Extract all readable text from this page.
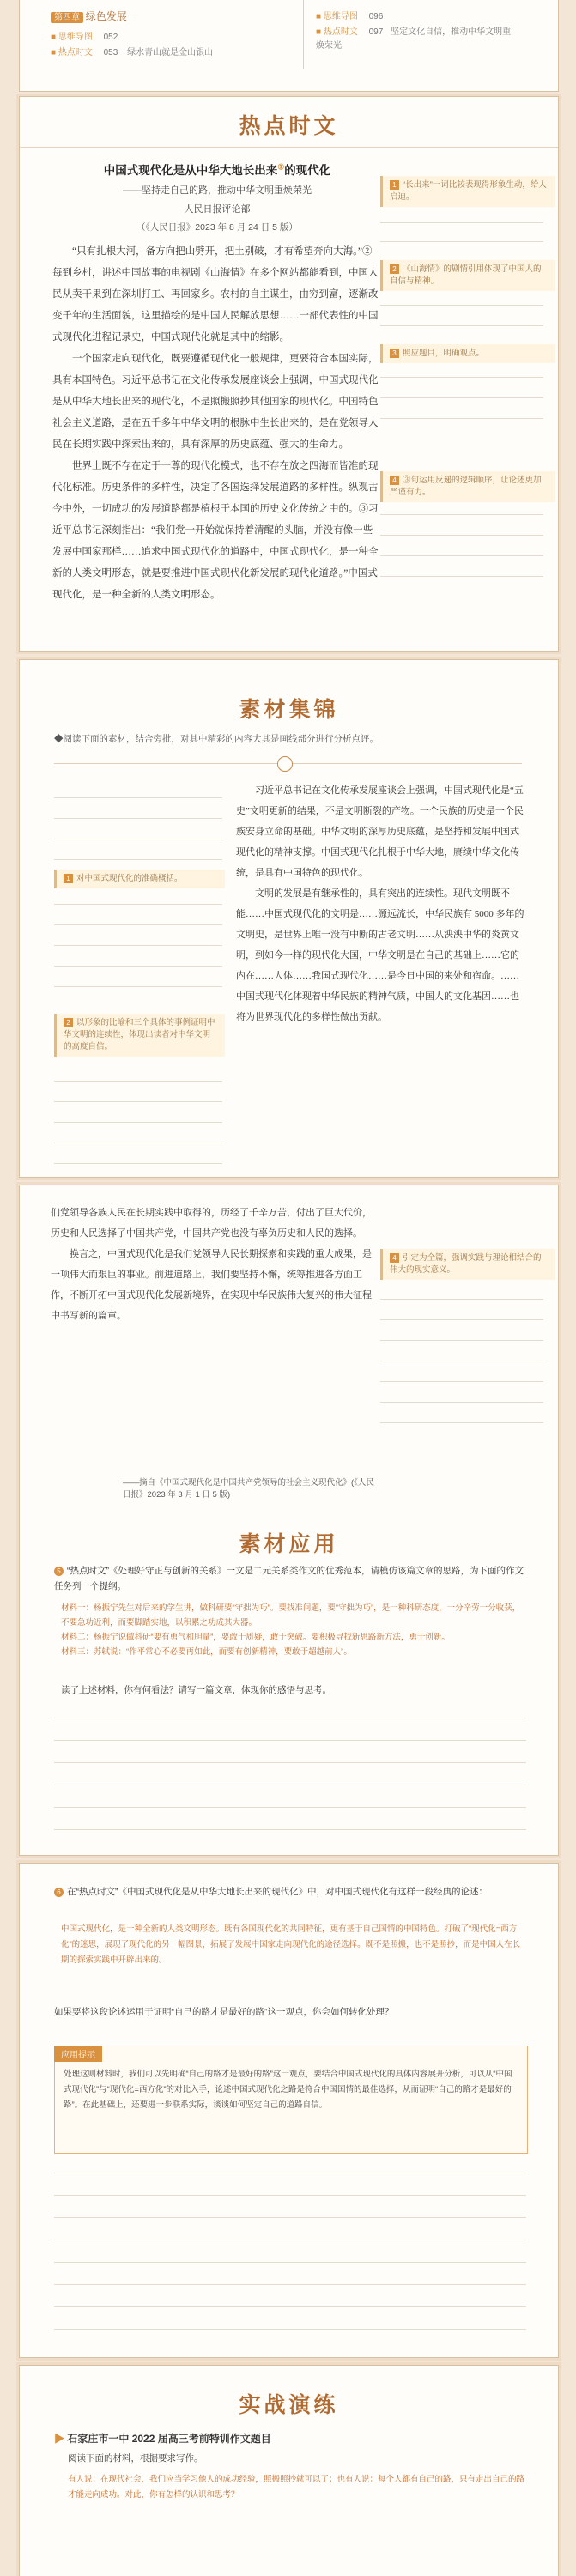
第四章 绿色发展
■ 思维导图 052
■ 热点时文 053 绿水青山就是金山银山
■ 思维导图 096
■ 热点时文 097 坚定文化自信，推动中华文明重焕荣光
热点时文
中国式现代化是从中华大地长出来①的现代化
——坚持走自己的路，推动中华文明重焕荣光
人民日报评论部
（《人民日报》2023 年 8 月 24 日 5 版）

“只有扎根大河，备方向把山劈开，把土别破，才有希望奔向大海。”②每到乡村，讲述中国故事的电视剧《山海情》在多个网站都能看到，中国人民从卖干果到在深圳打工、再回家乡。农村的自主谋生，由穷到富，逐渐改变千年的生活面貌，这里描绘的是中国人民解放思想……一部代表性的中国式现代化进程记录史，中国式现代化就是其中的缩影。

一个国家走向现代化，既要遵循现代化一般规律，更要符合本国实际，具有本国特色。习近平总书记在文化传承发展座谈会上强调，中国式现代化是从中华大地长出来的现代化，不是照搬照抄其他国家的现代化。中国特色社会主义道路，是在五千多年中华文明的根脉中生长出来的，是在党领导人民在长期实践中探索出来的，具有深厚的历史底蕴、强大的生命力。

世界上既不存在定于一尊的现代化模式，也不存在放之四海而皆准的现代化标准。历史条件的多样性，决定了各国选择发展道路的多样性。纵观古今中外，一切成功的发展道路都是植根于本国的历史文化传统之中的。③习近平总书记深刻指出：“我们党一开始就保持着清醒的头脑，并没有像一些发展中国家那样……追求中国式现代化的道路中，中国式现代化，是一种全新的人类文明形态，就是要推进中国式现代化新发展的现代化道路。”中国式现代化，是一种全新的人类文明形态。

1 “长出来”一词比较表现得形象生动，给人启迪。
2 《山海情》的剧情引用体现了中国人的自信与精神。
3 照应题目，明确观点。
4 ③句运用反递的逻辑顺序，让论述更加严谨有力。
素材集锦
◆阅读下面的素材，结合旁批，对其中精彩的内容大其是画线部分进行分析点评。
1 对中国式现代化的准确概括。
2 以形象的比喻和三个具体的事例证明中华文明的连续性，体现出读者对中华文明的高度自信。

习近平总书记在文化传承发展座谈会上强调，中国式现代化是“五史”文明更新的结果，不是文明断裂的产物。一个民族的历史是一个民族安身立命的基础。中华文明的深厚历史底蕴，是坚持和发展中国式现代化的精神支撑。中国式现代化扎根于中华大地，赓续中华文化传统，是具有中国特色的现代化。

文明的发展是有继承性的，具有突出的连续性。现代文明既不能……中国式现代化的文明是……源远流长，中华民族有 5000 多年的文明史，是世界上唯一没有中断的古老文明……从泱泱中华的炎黄文明，到如今一样的现代化大国，中华文明是在自己的基础上……它的内在……人体……我国式现代化……是今日中国的来处和宿命。……中国式现代化体现着中华民族的精神气质，中国人的文化基因……也将为世界现代化的多样性做出贡献。

们党领导各族人民在长期实践中取得的，历经了千辛万苦，付出了巨大代价，历史和人民选择了中国共产党，中国共产党也没有辜负历史和人民的选择。

换言之，中国式现代化是我们党领导人民长期探索和实践的重大成果，是一项伟大而艰巨的事业。前进道路上，我们要坚持不懈，统筹推进各方面工作，不断开拓中国式现代化发展新境界，在实现中华民族伟大复兴的伟大征程中书写新的篇章。

——摘自《中国式现代化是中国共产党领导的社会主义现代化》(《人民日报》2023 年 3 月 1 日 5 版)
4 引定为全篇，强调实践与理论相结合的伟大的现实意义。
素材应用
5 “热点时文”《处理好守正与创新的关系》一文是二元关系类作文的优秀范本，请模仿该篇文章的思路，为下面的作文任务列一个提纲。
材料一：杨振宁先生对后来的学生讲，做科研要“守拙为巧”。要找准问题，要“守拙为巧”，是一种科研态度，一分辛劳一分收获，不要急功近利，而要脚踏实地，以积累之功成其大器。
材料二：杨振宁说做科研“要有勇气和胆量”，要敢于质疑，敢于突破。要积极寻找新思路新方法，勇于创新。
材料三：苏轼说：“作平常心不必要再如此，而要有创新精神，要敢于超越前人”。
读了上述材料，你有何看法？请写一篇文章，体现你的感悟与思考。
6 在“热点时文”《中国式现代化是从中华大地长出来的现代化》中，对中国式现代化有这样一段经典的论述：
中国式现代化，是一种全新的人类文明形态。既有各国现代化的共同特征，更有基于自己国情的中国特色。打破了“现代化=西方化”的迷思，展现了现代化的另一幅图景，拓展了发展中国家走向现代化的途径选择。既不是照搬，也不是照抄，而是中国人在长期的探索实践中开辟出来的。
如果要将这段论述运用于证明“自己的路才是最好的路”这一观点，你会如何转化处理？
应用提示
处理这则材料时，我们可以先明确“自己的路才是最好的路”这一观点，要结合中国式现代化的具体内容展开分析，可以从“中国式现代化”与“现代化=西方化”的对比入手，论述中国式现代化之路是符合中国国情的最佳选择，从而证明“自己的路才是最好的路”。在此基础上，还要进一步联系实际，谈谈如何坚定自己的道路自信。
实战演练
▶ 石家庄市一中 2022 届高三考前特训作文题目
阅读下面的材料，根据要求写作。
有人说：在现代社会，我们应当学习他人的成功经验，照搬照抄就可以了；也有人说：每个人都有自己的路，只有走出自己的路才能走向成功。对此，你有怎样的认识和思考？
